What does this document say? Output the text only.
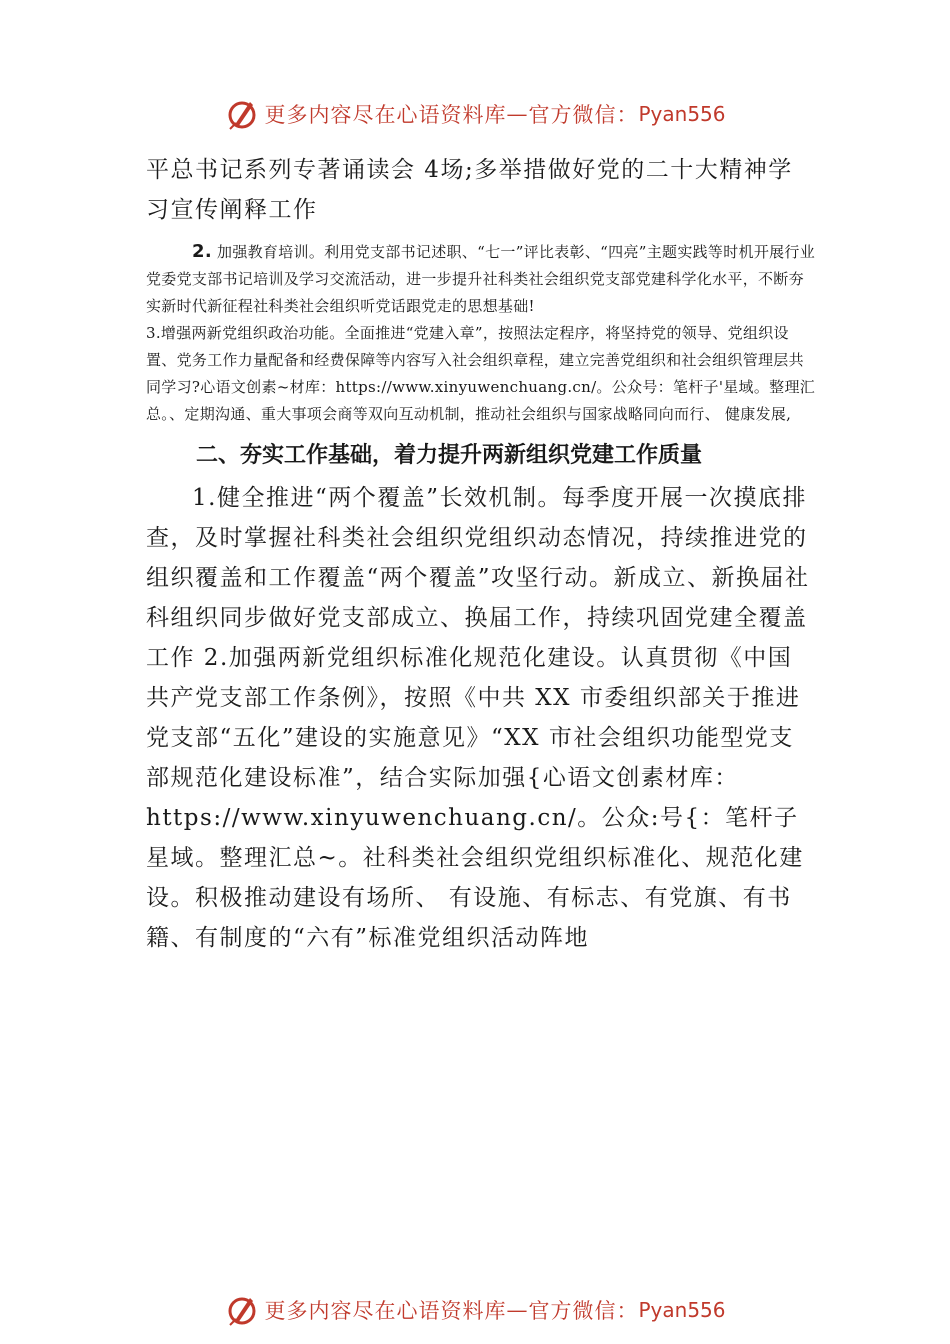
更多内容尽在心语资料库 — 官方微信： Pyan556

平总书记系列专著诵读会 4场;多举措做好党的二十大精神学习宣传阐释工作

2. 加强教育培训。利用党支部书记述职、“七一”评比表彰、“四亮”主题实践等时机开展行业党委党支部书记培训及学习交流活动，进一步提升社科类社会组织党支部党建科学化水平，不断夯实新时代新征程社科类社会组织听党话跟党走的思想基础!

3.增强两新党组织政治功能。全面推进“党建入章”，按照法定程序，将坚持党的领导、党组织设置、党务工作力量配备和经费保障等内容写入社会组织章程，建立完善党组织和社会组织管理层共同学习?心语文创素~材库：https://www.xinyuwenchuang.cn/。公众号：笔杆子'星域。整理汇总。、定期沟通、重大事项会商等双向互动机制，推动社会组织与国家战略同向而行、 健康发展,

二、夯实工作基础，着力提升两新组织党建工作质量

1.健全推进“两个覆盖”长效机制。每季度开展一次摸底排查，及时掌握社科类社会组织党组织动态情况，持续推进党的组织覆盖和工作覆盖“两个覆盖”攻坚行动。新成立、新换届社科组织同步做好党支部成立、换届工作，持续巩固党建全覆盖工作 2.加强两新党组织标准化规范化建设。认真贯彻《中国共产党支部工作条例》，按照《中共 XX 市委组织部关于推进党支部“五化”建设的实施意见》“XX 市社会组织功能型党支部规范化建设标准”，结合实际加强{心语文创素材库：https://www.xinyuwenchuang.cn/。公众:号{：笔杆子星域。整理汇总~。社科类社会组织党组织标准化、规范化建设。积极推动建设有场所、 有设施、有标志、有党旗、有书籍、有制度的“六有”标准党组织活动阵地

更多内容尽在心语资料库 — 官方微信： Pyan556
